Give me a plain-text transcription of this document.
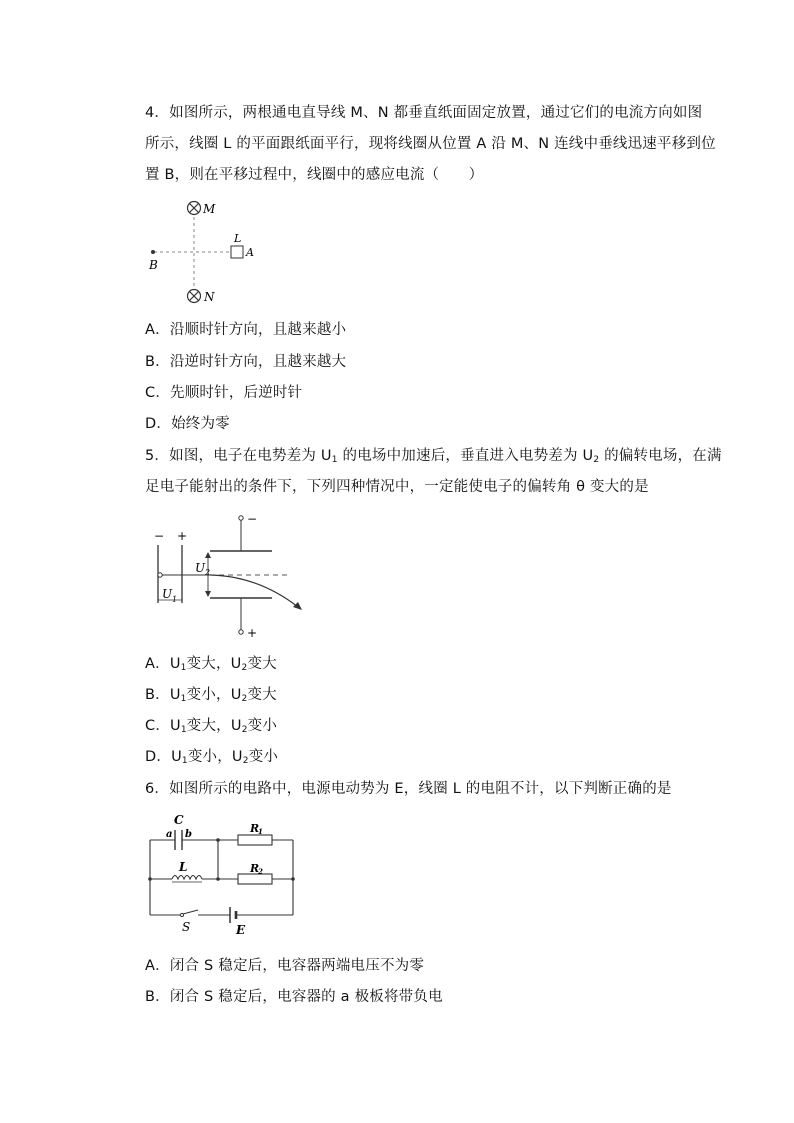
4．如图所示，两根通电直导线 M、N 都垂直纸面固定放置，通过它们的电流方向如图
所示，线圈 L 的平面跟纸面平行，现将线圈从位置 A 沿 M、N 连线中垂线迅速平移到位
置 B，则在平移过程中，线圈中的感应电流（　　）
M
N
L
A
B
A．沿顺时针方向，且越来越小
B．沿逆时针方向，且越来越大
C．先顺时针，后逆时针
D．始终为零
5．如图，电子在电势差为 $U_1$ 的电场中加速后，垂直进入电势差为 $U_2$ 的偏转电场，在满
足电子能射出的条件下，下列四种情况中，一定能使电子的偏转角 θ 变大的是
− +
U 1
−
+
U 2
A．$U_1$变大，$U_2$变大
B．$U_1$变小，$U_2$变大
C．$U_1$变大，$U_2$变小
D．$U_1$变小，$U_2$变小
6．如图所示的电路中，电源电动势为 E，线圈 L 的电阻不计，以下判断正确的是
C
a b	R
1
L	R
2
S	E
A．闭合 S 稳定后，电容器两端电压不为零
B．闭合 S 稳定后，电容器的 a 极板将带负电
